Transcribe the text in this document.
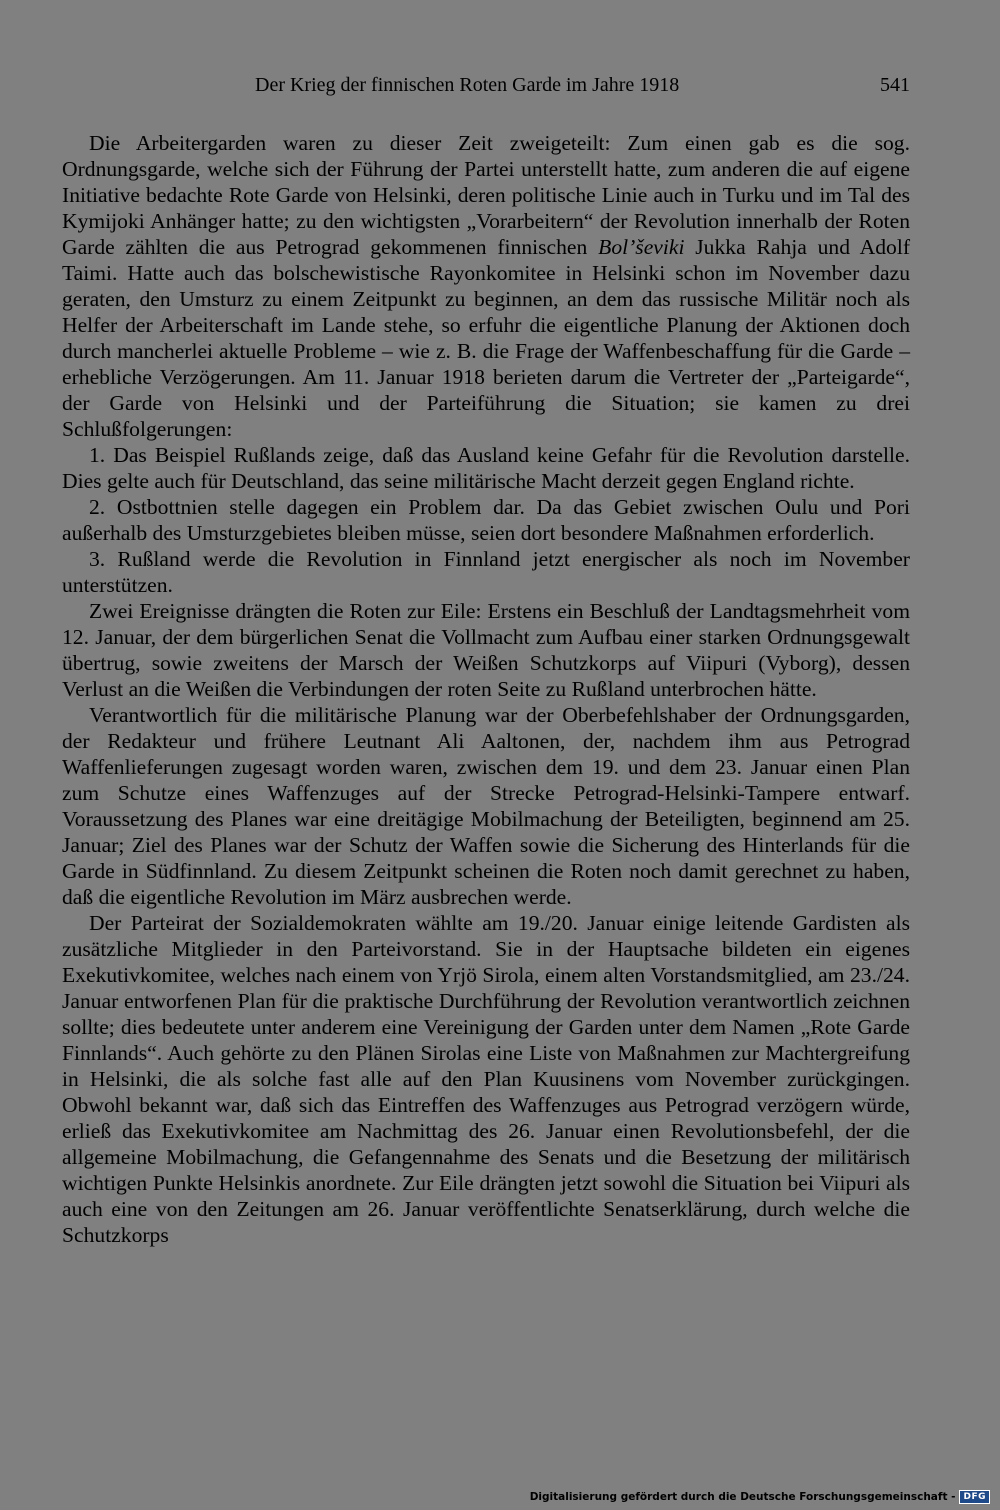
Der Krieg der finnischen Roten Garde im Jahre 1918	541

Die Arbeitergarden waren zu dieser Zeit zweigeteilt: Zum einen gab es die sog. Ordnungsgarde, welche sich der Führung der Partei unterstellt hatte, zum anderen die auf eigene Initiative bedachte Rote Garde von Helsinki, deren politische Linie auch in Turku und im Tal des Kymijoki Anhänger hatte; zu den wichtigsten „Vorarbeitern“ der Revolution innerhalb der Roten Garde zählten die aus Petrograd gekommenen finnischen Bol’ševiki Jukka Rahja und Adolf Taimi. Hatte auch das bolschewistische Rayonkomitee in Helsinki schon im November dazu geraten, den Umsturz zu einem Zeitpunkt zu beginnen, an dem das russische Militär noch als Helfer der Arbeiterschaft im Lande stehe, so erfuhr die eigentliche Planung der Aktionen doch durch mancherlei aktuelle Probleme – wie z. B. die Frage der Waffenbeschaffung für die Garde – erhebliche Verzögerungen. Am 11. Januar 1918 berieten darum die Vertreter der „Parteigarde“, der Garde von Helsinki und der Parteiführung die Situation; sie kamen zu drei Schlußfolgerungen:

1. Das Beispiel Rußlands zeige, daß das Ausland keine Gefahr für die Revolution darstelle. Dies gelte auch für Deutschland, das seine militärische Macht derzeit gegen England richte.

2. Ostbottnien stelle dagegen ein Problem dar. Da das Gebiet zwischen Oulu und Pori außerhalb des Umsturzgebietes bleiben müsse, seien dort besondere Maßnahmen erforderlich.

3. Rußland werde die Revolution in Finnland jetzt energischer als noch im November unterstützen.

Zwei Ereignisse drängten die Roten zur Eile: Erstens ein Beschluß der Landtagsmehrheit vom 12. Januar, der dem bürgerlichen Senat die Vollmacht zum Aufbau einer starken Ordnungsgewalt übertrug, sowie zweitens der Marsch der Weißen Schutzkorps auf Viipuri (Vyborg), dessen Verlust an die Weißen die Verbindungen der roten Seite zu Rußland unterbrochen hätte.

Verantwortlich für die militärische Planung war der Oberbefehlshaber der Ordnungsgarden, der Redakteur und frühere Leutnant Ali Aaltonen, der, nachdem ihm aus Petrograd Waffenlieferungen zugesagt worden waren, zwischen dem 19. und dem 23. Januar einen Plan zum Schutze eines Waffenzuges auf der Strecke Petrograd-Helsinki-Tampere entwarf. Voraussetzung des Planes war eine dreitägige Mobilmachung der Beteiligten, beginnend am 25. Januar; Ziel des Planes war der Schutz der Waffen sowie die Sicherung des Hinterlands für die Garde in Südfinnland. Zu diesem Zeitpunkt scheinen die Roten noch damit gerechnet zu haben, daß die eigentliche Revolution im März ausbrechen werde.

Der Parteirat der Sozialdemokraten wählte am 19./20. Januar einige leitende Gardisten als zusätzliche Mitglieder in den Parteivorstand. Sie in der Hauptsache bildeten ein eigenes Exekutivkomitee, welches nach einem von Yrjö Sirola, einem alten Vorstandsmitglied, am 23./24. Januar entworfenen Plan für die praktische Durchführung der Revolution verantwortlich zeichnen sollte; dies bedeutete unter anderem eine Vereinigung der Garden unter dem Namen „Rote Garde Finnlands“. Auch gehörte zu den Plänen Sirolas eine Liste von Maßnahmen zur Machtergreifung in Helsinki, die als solche fast alle auf den Plan Kuusinens vom November zurückgingen. Obwohl bekannt war, daß sich das Eintreffen des Waffenzuges aus Petrograd verzögern würde, erließ das Exekutivkomitee am Nachmittag des 26. Januar einen Revolutionsbefehl, der die allgemeine Mobilmachung, die Gefangennahme des Senats und die Besetzung der militärisch wichtigen Punkte Helsinkis anordnete. Zur Eile drängten jetzt sowohl die Situation bei Viipuri als auch eine von den Zeitungen am 26. Januar veröffentlichte Senatserklärung, durch welche die Schutzkorps

Digitalisierung gefördert durch die Deutsche Forschungsgemeinschaft - DFG
